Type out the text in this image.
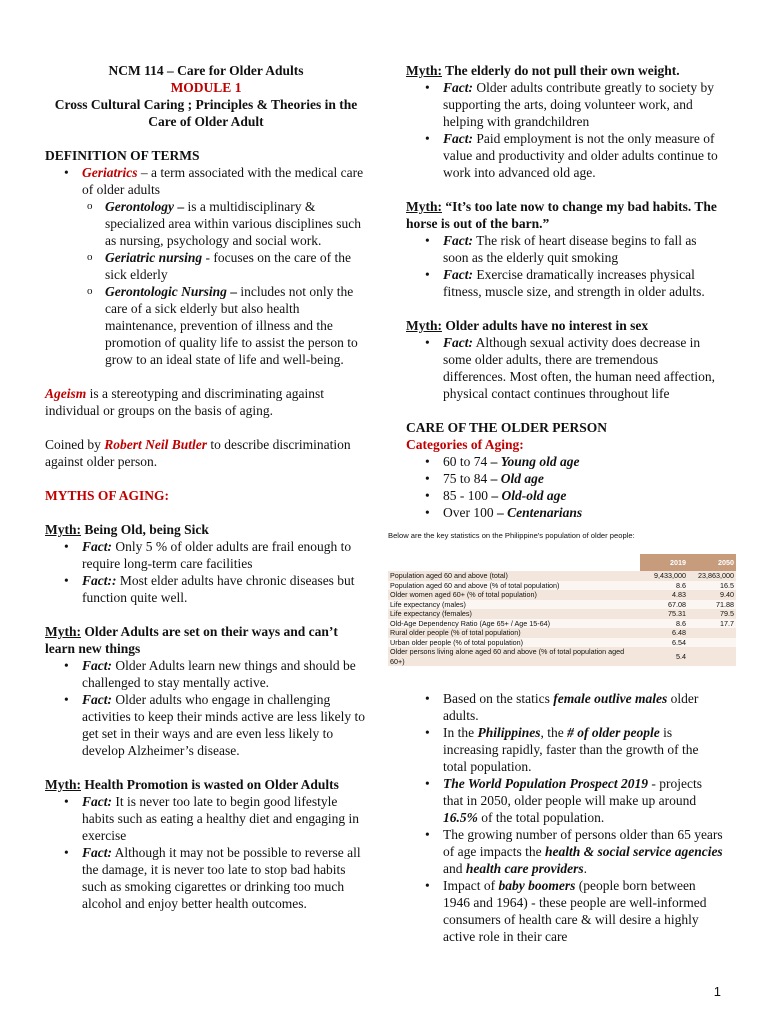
NCM 114 – Care for Older Adults

MODULE 1

Cross Cultural Caring ; Principles & Theories in the Care of Older Adult

DEFINITION OF TERMS
• Geriatrics – a term associated with the medical care of older adults
o Gerontology – is a multidisciplinary & specialized area within various disciplines such as nursing, psychology and social work.
o Geriatric nursing - focuses on the care of the sick elderly
o Gerontologic Nursing – includes not only the care of a sick elderly but also health maintenance, prevention of illness and the promotion of quality life to assist the person to grow to an ideal state of life and well-being.

Ageism is a stereotyping and discriminating against individual or groups on the basis of aging.

Coined by Robert Neil Butler to describe discrimination against older person.

MYTHS OF AGING:

Myth: Being Old, being Sick

• Fact: Only 5 % of older adults are frail enough to require long-term care facilities
• Fact:: Most elder adults have chronic diseases but function quite well.

Myth: Older Adults are set on their ways and can’t learn new things

• Fact: Older Adults learn new things and should be challenged to stay mentally active.
• Fact: Older adults who engage in challenging activities to keep their minds active are less likely to get set in their ways and are even less likely to develop Alzheimer’s disease.

Myth: Health Promotion is wasted on Older Adults

• Fact: It is never too late to begin good lifestyle habits such as eating a healthy diet and engaging in exercise
• Fact: Although it may not be possible to reverse all the damage, it is never too late to stop bad habits such as smoking cigarettes or drinking too much alcohol and enjoy better health outcomes.

Myth: The elderly do not pull their own weight.

• Fact: Older adults contribute greatly to society by supporting the arts, doing volunteer work, and helping with grandchildren
• Fact: Paid employment is not the only measure of value and productivity and older adults continue to work into advanced old age.

Myth: “It’s too late now to change my bad habits. The horse is out of the barn.”

• Fact: The risk of heart disease begins to fall as soon as the elderly quit smoking
• Fact: Exercise dramatically increases physical fitness, muscle size, and strength in older adults.

Myth: Older adults have no interest in sex

• Fact: Although sexual activity does decrease in some older adults, there are tremendous differences. Most often, the human need affection, physical contact continues throughout life
CARE OF THE OLDER PERSON
Categories of Aging:
• 60 to 74 – Young old age
• 75 to 84 – Old age
• 85 - 100 – Old-old age
• Over 100 – Centenarians

Below are the key statistics on the Philippine's population of older people:

	2019	2050
Population aged 60 and above (total)	9,433,000	23,863,000
Population aged 60 and above (% of total population)	8.6	16.5
Older women aged 60+ (% of total population)	4.83	9.40
Life expectancy (males)	67.08	71.88
Life expectancy (females)	75.31	79.5
Old-Age Dependency Ratio (Age 65+ / Age 15-64)	8.6	17.7
Rural older people (% of total population)	6.48	
Urban older people (% of total population)	6.54	
Older persons living alone aged 60 and above (% of total population aged 60+)	5.4	
• Based on the statics female outlive males older adults.
• In the Philippines, the # of older people is increasing rapidly, faster than the growth of the total population.
• The World Population Prospect 2019 - projects that in 2050, older people will make up around 16.5% of the total population.
• The growing number of persons older than 65 years of age impacts the health & social service agencies and health care providers.
• Impact of baby boomers (people born between 1946 and 1964) - these people are well-informed consumers of health care & will desire a highly active role in their care
1
